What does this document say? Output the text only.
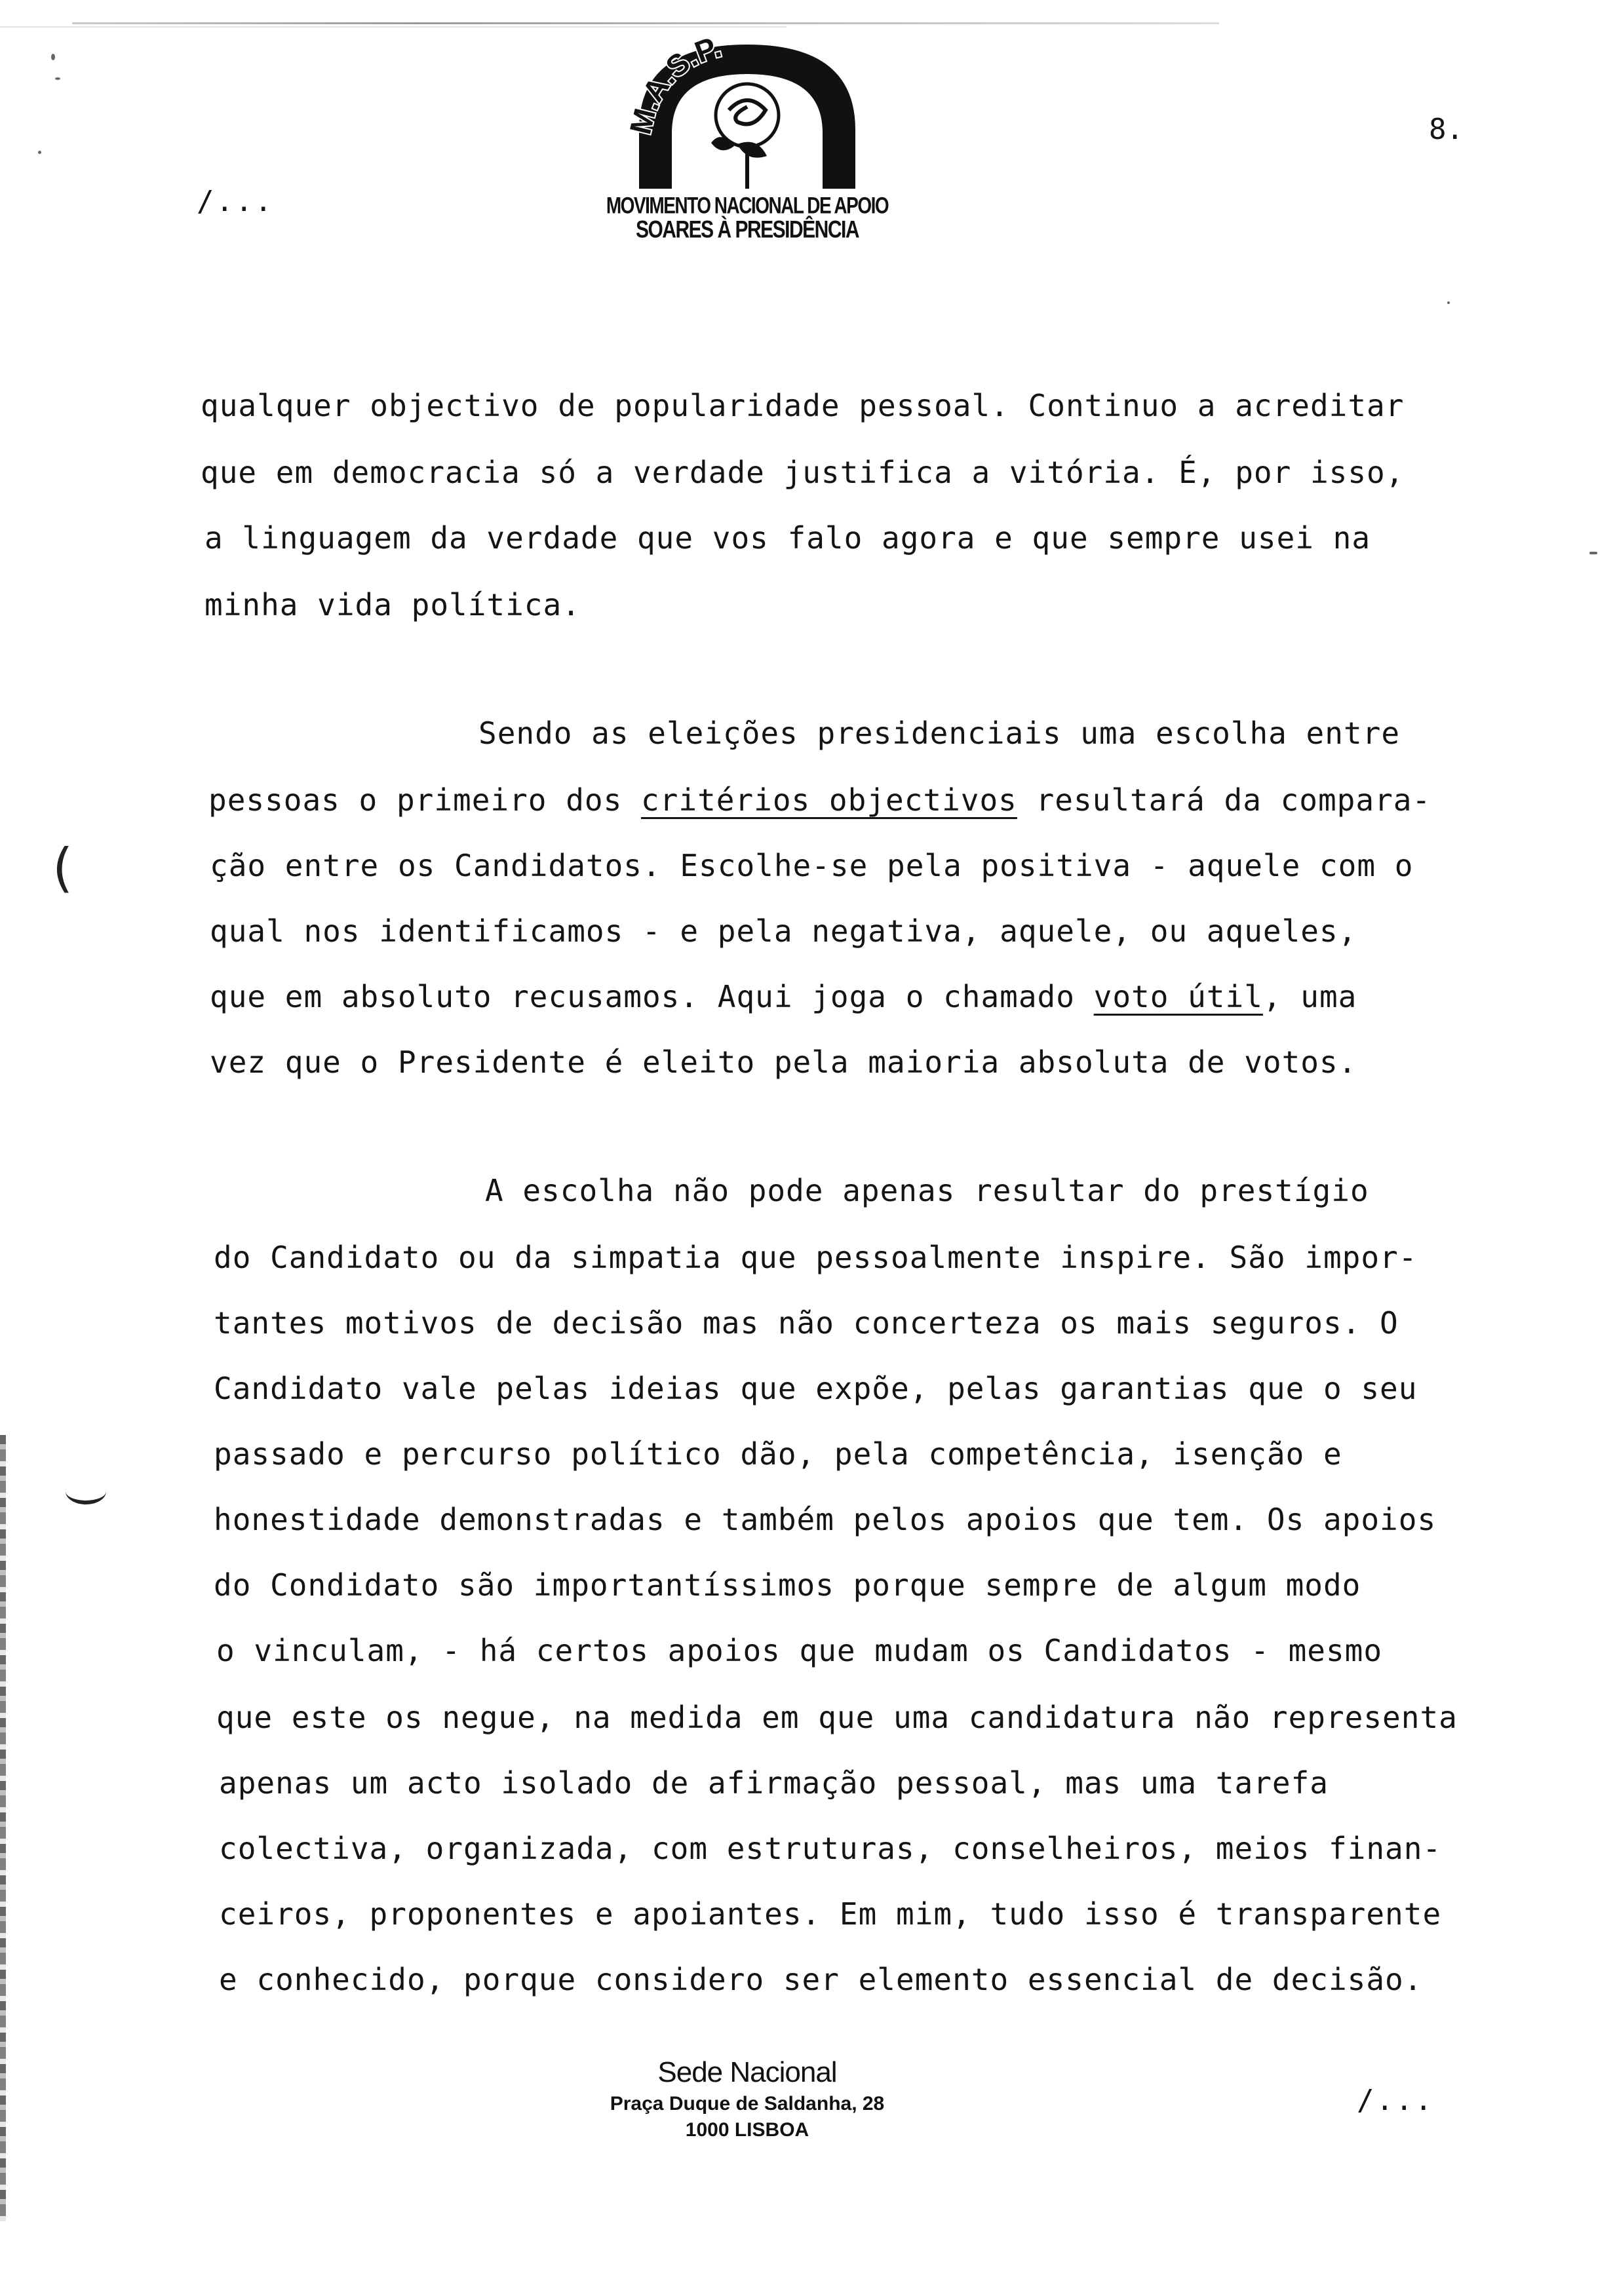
(
M.A.S.P.
MOVIMENTO NACIONAL DE APOIO
SOARES À PRESIDÊNCIA
8.
/...
qualquer objectivo de popularidade pessoal. Continuo a acreditar
que em democracia só a verdade justifica a vitória. É, por isso,
a linguagem da verdade que vos falo agora e que sempre usei na
minha vida política.
Sendo as eleições presidenciais uma escolha entre
pessoas o primeiro dos critérios objectivos resultará da compara-
ção entre os Candidatos. Escolhe-se pela positiva - aquele com o
qual nos identificamos - e pela negativa, aquele, ou aqueles,
que em absoluto recusamos. Aqui joga o chamado voto útil, uma
vez que o Presidente é eleito pela maioria absoluta de votos.
A escolha não pode apenas resultar do prestígio
do Candidato ou da simpatia que pessoalmente inspire. São impor-
tantes motivos de decisão mas não concerteza os mais seguros. O
Candidato vale pelas ideias que expõe, pelas garantias que o seu
passado e percurso político dão, pela competência, isenção e
honestidade demonstradas e também pelos apoios que tem. Os apoios
do Condidato são importantíssimos porque sempre de algum modo
o vinculam, - há certos apoios que mudam os Candidatos - mesmo
que este os negue, na medida em que uma candidatura não representa
apenas um acto isolado de afirmação pessoal, mas uma tarefa
colectiva, organizada, com estruturas, conselheiros, meios finan-
ceiros, proponentes e apoiantes. Em mim, tudo isso é transparente
e conhecido, porque considero ser elemento essencial de decisão.
Sede Nacional
Praça Duque de Saldanha, 28
1000 LISBOA
/...
